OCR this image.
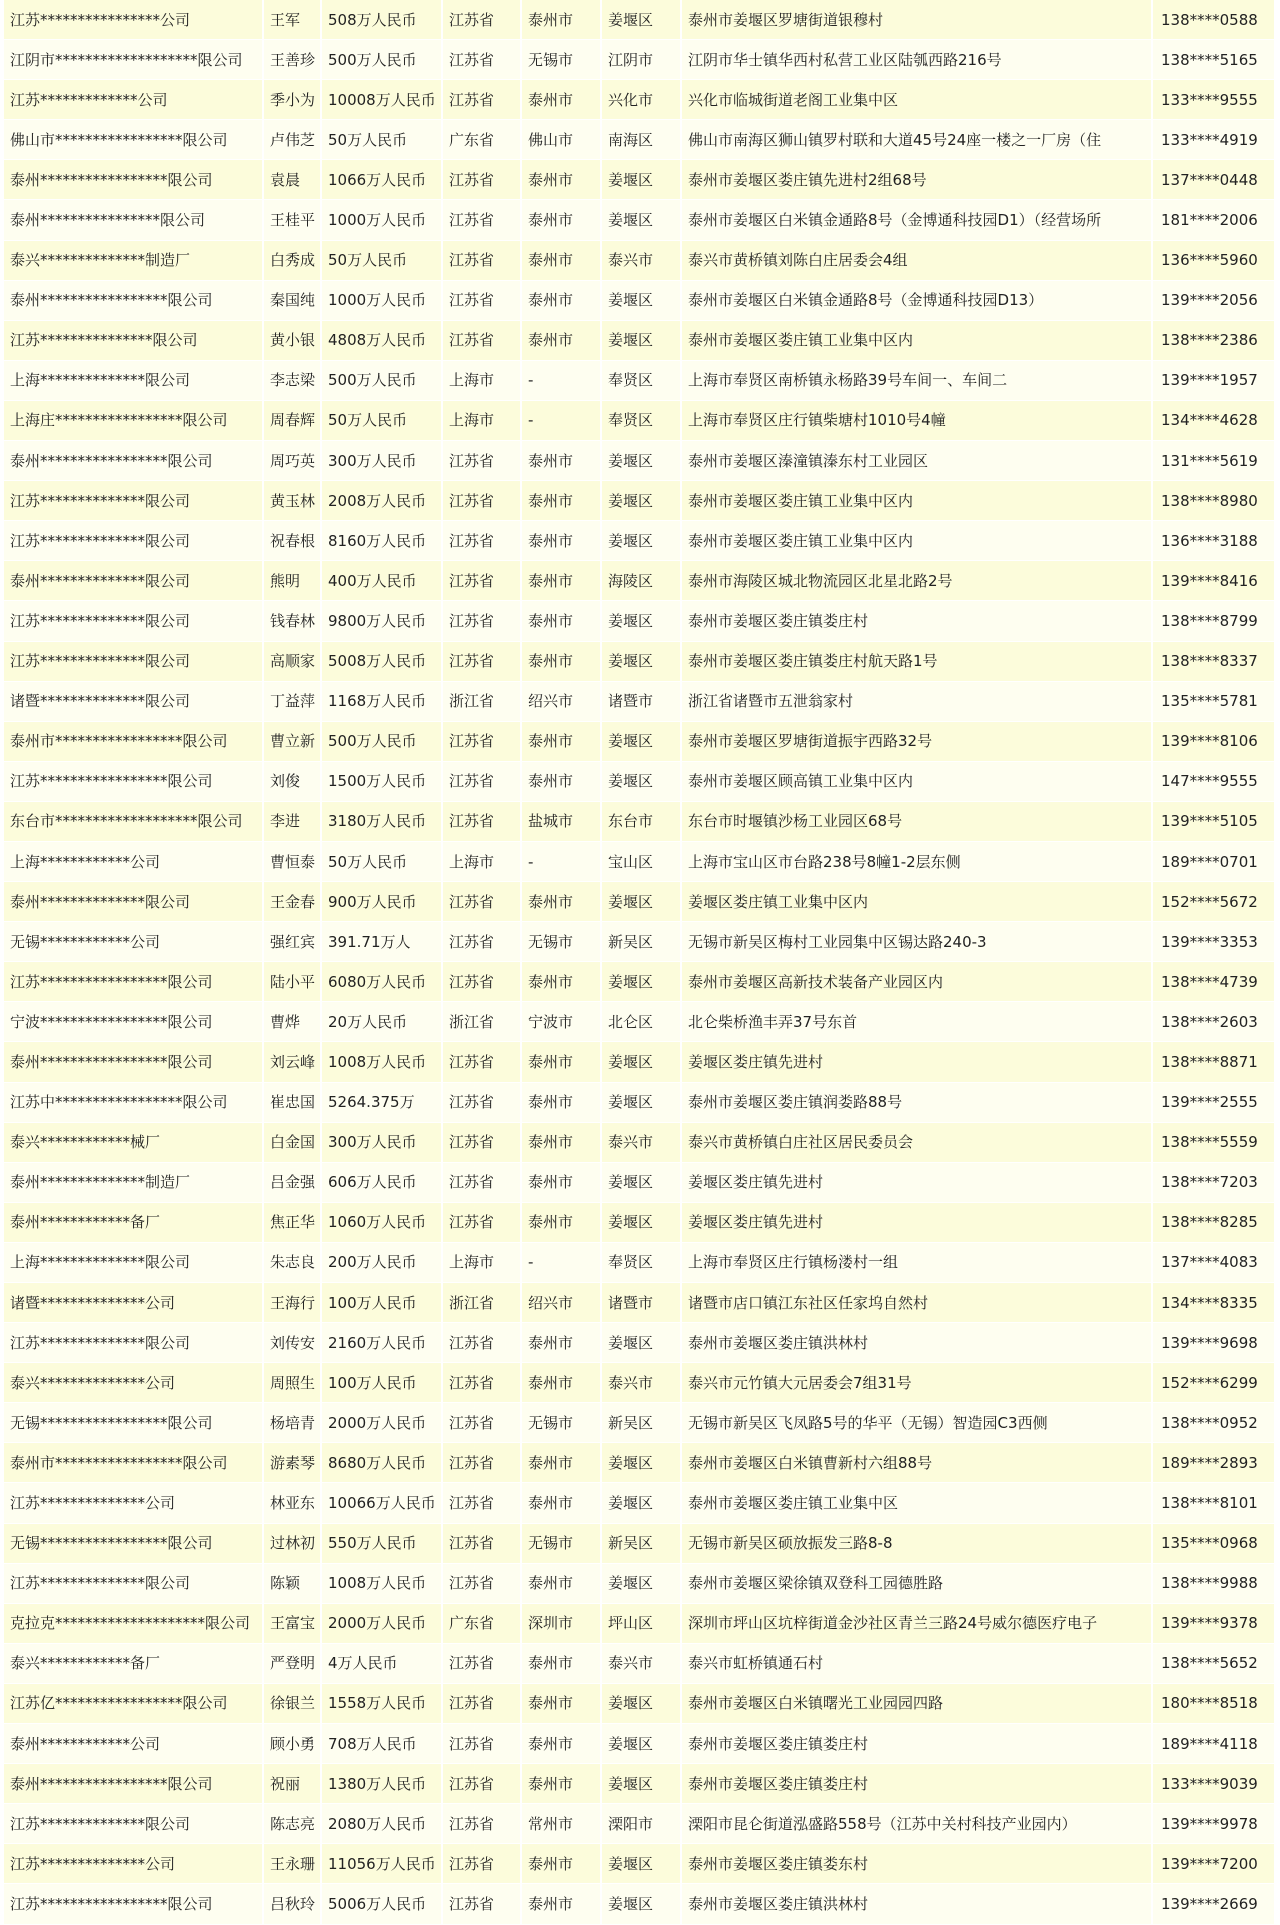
江苏****************公司	王军	508万人民币	江苏省	泰州市	姜堰区	泰州市姜堰区罗塘街道银穆村	138****0588
江阴市*******************限公司	王善珍	500万人民币	江苏省	无锡市	江阴市	江阴市华士镇华西村私营工业区陆瓠西路216号	138****5165
江苏*************公司	季小为	10008万人民币	江苏省	泰州市	兴化市	兴化市临城街道老阁工业集中区	133****9555
佛山市*****************限公司	卢伟芝	50万人民币	广东省	佛山市	南海区	佛山市南海区狮山镇罗村联和大道45号24座一楼之一厂房（住	133****4919
泰州*****************限公司	袁晨	1066万人民币	江苏省	泰州市	姜堰区	泰州市姜堰区娄庄镇先进村2组68号	137****0448
泰州****************限公司	王桂平	1000万人民币	江苏省	泰州市	姜堰区	泰州市姜堰区白米镇金通路8号（金博通科技园D1）（经营场所	181****2006
泰兴**************制造厂	白秀成	50万人民币	江苏省	泰州市	泰兴市	泰兴市黄桥镇刘陈白庄居委会4组	136****5960
泰州*****************限公司	秦国纯	1000万人民币	江苏省	泰州市	姜堰区	泰州市姜堰区白米镇金通路8号（金博通科技园D13）	139****2056
江苏***************限公司	黄小银	4808万人民币	江苏省	泰州市	姜堰区	泰州市姜堰区娄庄镇工业集中区内	138****2386
上海**************限公司	李志梁	500万人民币	上海市	-	奉贤区	上海市奉贤区南桥镇永杨路39号车间一、车间二	139****1957
上海庄*****************限公司	周春辉	50万人民币	上海市	-	奉贤区	上海市奉贤区庄行镇柴塘村1010号4幢	134****4628
泰州*****************限公司	周巧英	300万人民币	江苏省	泰州市	姜堰区	泰州市姜堰区溱潼镇溱东村工业园区	131****5619
江苏**************限公司	黄玉林	2008万人民币	江苏省	泰州市	姜堰区	泰州市姜堰区娄庄镇工业集中区内	138****8980
江苏**************限公司	祝春根	8160万人民币	江苏省	泰州市	姜堰区	泰州市姜堰区娄庄镇工业集中区内	136****3188
泰州**************限公司	熊明	400万人民币	江苏省	泰州市	海陵区	泰州市海陵区城北物流园区北星北路2号	139****8416
江苏**************限公司	钱春林	9800万人民币	江苏省	泰州市	姜堰区	泰州市姜堰区娄庄镇娄庄村	138****8799
江苏**************限公司	高顺家	5008万人民币	江苏省	泰州市	姜堰区	泰州市姜堰区娄庄镇娄庄村航天路1号	138****8337
诸暨**************限公司	丁益萍	1168万人民币	浙江省	绍兴市	诸暨市	浙江省诸暨市五泄翁家村	135****5781
泰州市*****************限公司	曹立新	500万人民币	江苏省	泰州市	姜堰区	泰州市姜堰区罗塘街道振宇西路32号	139****8106
江苏*****************限公司	刘俊	1500万人民币	江苏省	泰州市	姜堰区	泰州市姜堰区顾高镇工业集中区内	147****9555
东台市*******************限公司	李进	3180万人民币	江苏省	盐城市	东台市	东台市时堰镇沙杨工业园区68号	139****5105
上海************公司	曹恒泰	50万人民币	上海市	-	宝山区	上海市宝山区市台路238号8幢1-2层东侧	189****0701
泰州**************限公司	王金春	900万人民币	江苏省	泰州市	姜堰区	姜堰区娄庄镇工业集中区内	152****5672
无锡************公司	强红宾	391.71万人	江苏省	无锡市	新吴区	无锡市新吴区梅村工业园集中区锡达路240-3	139****3353
江苏*****************限公司	陆小平	6080万人民币	江苏省	泰州市	姜堰区	泰州市姜堰区高新技术装备产业园区内	138****4739
宁波*****************限公司	曹烨	20万人民币	浙江省	宁波市	北仑区	北仑柴桥渔丰弄37号东首	138****2603
泰州*****************限公司	刘云峰	1008万人民币	江苏省	泰州市	姜堰区	姜堰区娄庄镇先进村	138****8871
江苏中*****************限公司	崔忠国	5264.375万	江苏省	泰州市	姜堰区	泰州市姜堰区娄庄镇润娄路88号	139****2555
泰兴************械厂	白金国	300万人民币	江苏省	泰州市	泰兴市	泰兴市黄桥镇白庄社区居民委员会	138****5559
泰州**************制造厂	吕金强	606万人民币	江苏省	泰州市	姜堰区	姜堰区娄庄镇先进村	138****7203
泰州************备厂	焦正华	1060万人民币	江苏省	泰州市	姜堰区	姜堰区娄庄镇先进村	138****8285
上海**************限公司	朱志良	200万人民币	上海市	-	奉贤区	上海市奉贤区庄行镇杨溇村一组	137****4083
诸暨**************公司	王海行	100万人民币	浙江省	绍兴市	诸暨市	诸暨市店口镇江东社区任家坞自然村	134****8335
江苏**************限公司	刘传安	2160万人民币	江苏省	泰州市	姜堰区	泰州市姜堰区娄庄镇洪林村	139****9698
泰兴**************公司	周照生	100万人民币	江苏省	泰州市	泰兴市	泰兴市元竹镇大元居委会7组31号	152****6299
无锡*****************限公司	杨培青	2000万人民币	江苏省	无锡市	新吴区	无锡市新吴区飞凤路5号的华平（无锡）智造园C3西侧	138****0952
泰州市*****************限公司	游素琴	8680万人民币	江苏省	泰州市	姜堰区	泰州市姜堰区白米镇曹新村六组88号	189****2893
江苏**************公司	林亚东	10066万人民币	江苏省	泰州市	姜堰区	泰州市姜堰区娄庄镇工业集中区	138****8101
无锡*****************限公司	过林初	550万人民币	江苏省	无锡市	新吴区	无锡市新吴区硕放振发三路8-8	135****0968
江苏**************限公司	陈颖	1008万人民币	江苏省	泰州市	姜堰区	泰州市姜堰区梁徐镇双登科工园德胜路	138****9988
克拉克********************限公司	王富宝	2000万人民币	广东省	深圳市	坪山区	深圳市坪山区坑梓街道金沙社区青兰三路24号威尔德医疗电子	139****9378
泰兴************备厂	严登明	4万人民币	江苏省	泰州市	泰兴市	泰兴市虹桥镇通石村	138****5652
江苏亿*****************限公司	徐银兰	1558万人民币	江苏省	泰州市	姜堰区	泰州市姜堰区白米镇曙光工业园园四路	180****8518
泰州************公司	顾小勇	708万人民币	江苏省	泰州市	姜堰区	泰州市姜堰区娄庄镇娄庄村	189****4118
泰州*****************限公司	祝丽	1380万人民币	江苏省	泰州市	姜堰区	泰州市姜堰区娄庄镇娄庄村	133****9039
江苏**************限公司	陈志亮	2080万人民币	江苏省	常州市	溧阳市	溧阳市昆仑街道泓盛路558号（江苏中关村科技产业园内）	139****9978
江苏**************公司	王永珊	11056万人民币	江苏省	泰州市	姜堰区	泰州市姜堰区娄庄镇娄东村	139****7200
江苏*****************限公司	吕秋玲	5006万人民币	江苏省	泰州市	姜堰区	泰州市姜堰区娄庄镇洪林村	139****2669
